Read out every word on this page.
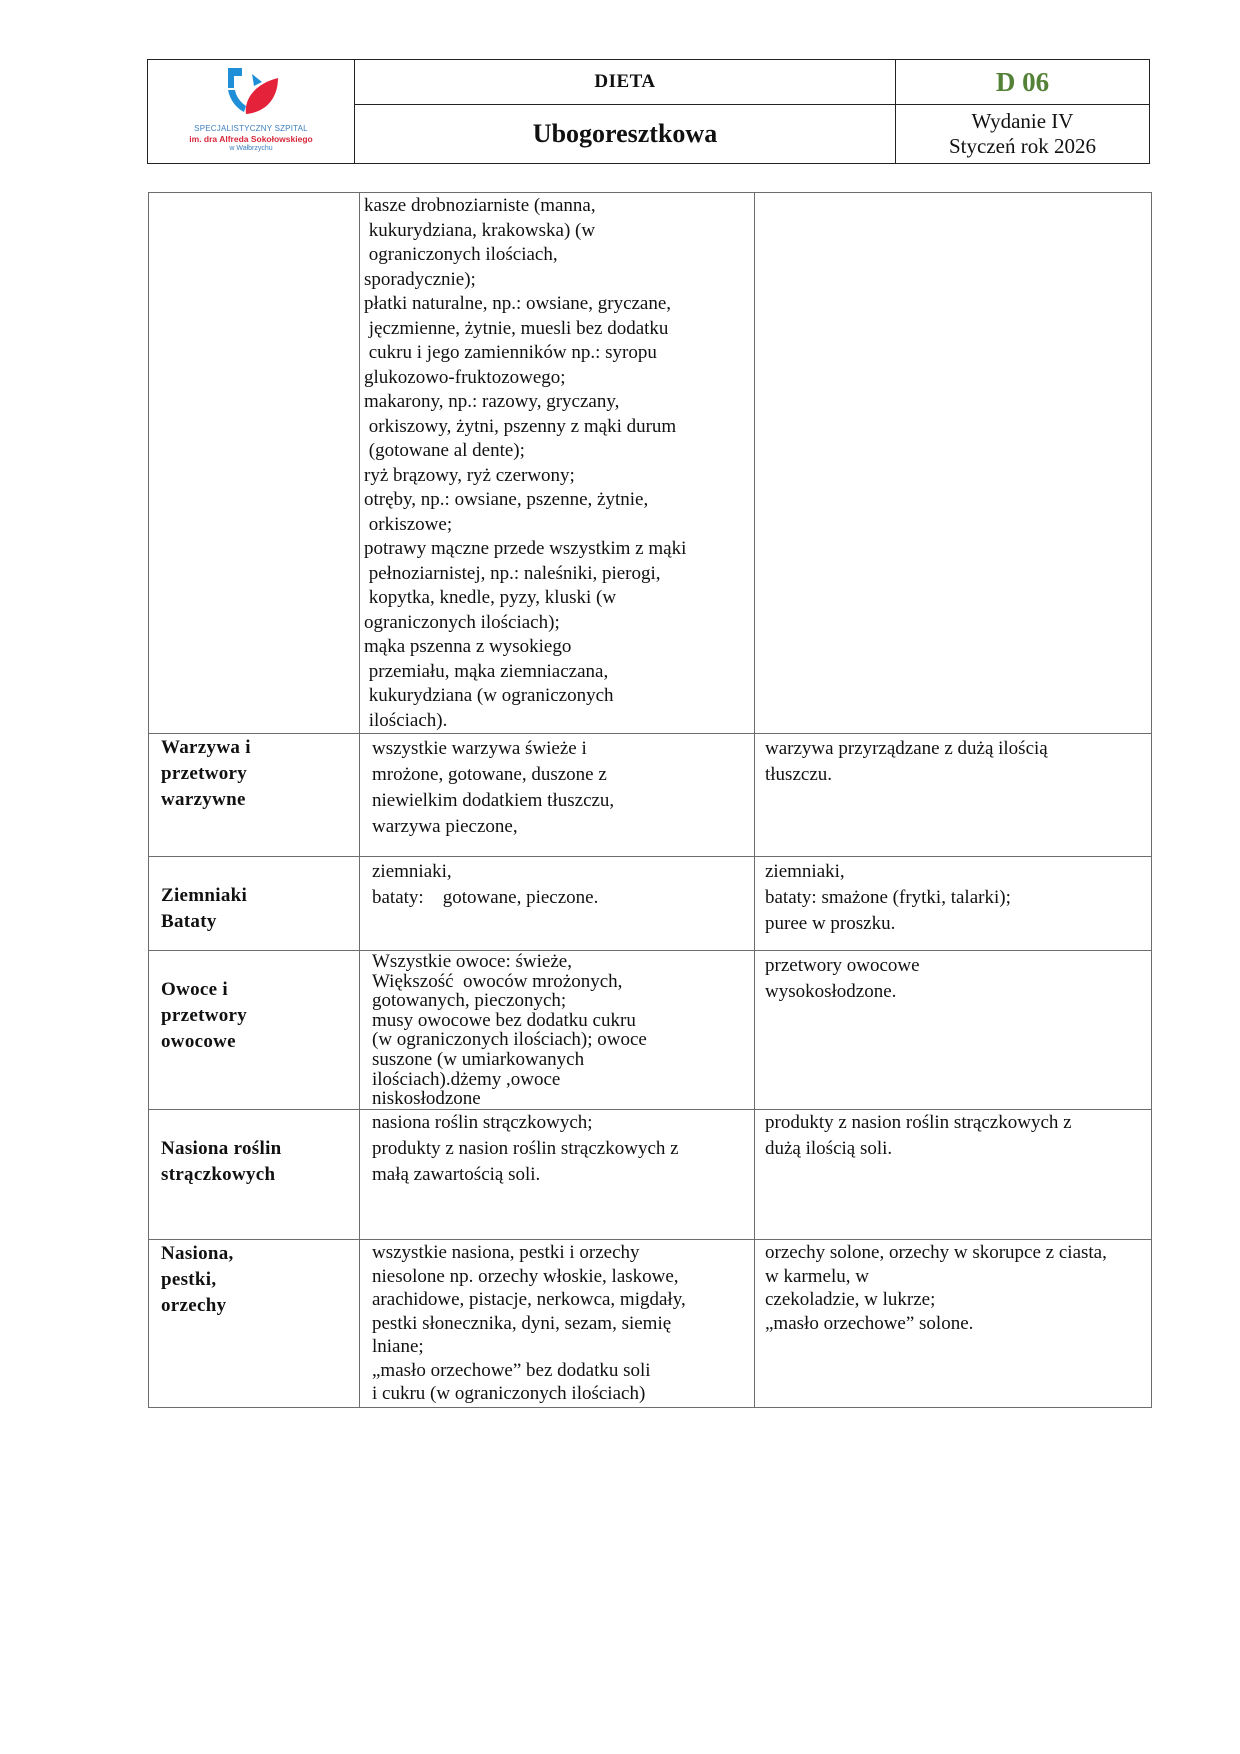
SPECJALISTYCZNY SZPITAL
im. dra Alfreda Sokołowskiego
w Wałbrzychu
DIETA
Ubogoresztkowa
D 06
Wydanie IV
Styczeń rok 2026
kasze drobnoziarniste (manna,
kukurydziana, krakowska) (w
ograniczonych ilościach,
sporadycznie);
płatki naturalne, np.: owsiane, gryczane,
jęczmienne, żytnie, muesli bez dodatku
cukru i jego zamienników np.: syropu
glukozowo-fruktozowego;
makarony, np.: razowy, gryczany,
orkiszowy, żytni, pszenny z mąki durum
(gotowane al dente);
ryż brązowy, ryż czerwony;
otręby, np.: owsiane, pszenne, żytnie,
orkiszowe;
potrawy mączne przede wszystkim z mąki
pełnoziarnistej, np.: naleśniki, pierogi,
kopytka, knedle, pyzy, kluski (w
ograniczonych ilościach);
mąka pszenna z wysokiego
przemiału, mąka ziemniaczana,
kukurydziana (w ograniczonych
ilościach).
Warzywa i
przetwory
warzywne
wszystkie warzywa świeże i
mrożone, gotowane, duszone z
niewielkim dodatkiem tłuszczu,
warzywa pieczone,
warzywa przyrządzane z dużą ilością
tłuszczu.
Ziemniaki
Bataty
ziemniaki,
bataty:    gotowane, pieczone.
ziemniaki,
bataty: smażone (frytki, talarki);
puree w proszku.
Owoce i
przetwory
owocowe
Wszystkie owoce: świeże,
Większość  owoców mrożonych,
gotowanych, pieczonych;
musy owocowe bez dodatku cukru
(w ograniczonych ilościach); owoce
suszone (w umiarkowanych
ilościach).dżemy ,owoce
niskosłodzone
przetwory owocowe
wysokosłodzone.
Nasiona roślin
strączkowych
nasiona roślin strączkowych;
produkty z nasion roślin strączkowych z
małą zawartością soli.
produkty z nasion roślin strączkowych z
dużą ilością soli.
Nasiona,
pestki,
orzechy
wszystkie nasiona, pestki i orzechy
niesolone np. orzechy włoskie, laskowe,
arachidowe, pistacje, nerkowca, migdały,
pestki słonecznika, dyni, sezam, siemię
lniane;
„masło orzechowe” bez dodatku soli
i cukru (w ograniczonych ilościach)
orzechy solone, orzechy w skorupce z ciasta,
w karmelu, w
czekoladzie, w lukrze;
„masło orzechowe” solone.
